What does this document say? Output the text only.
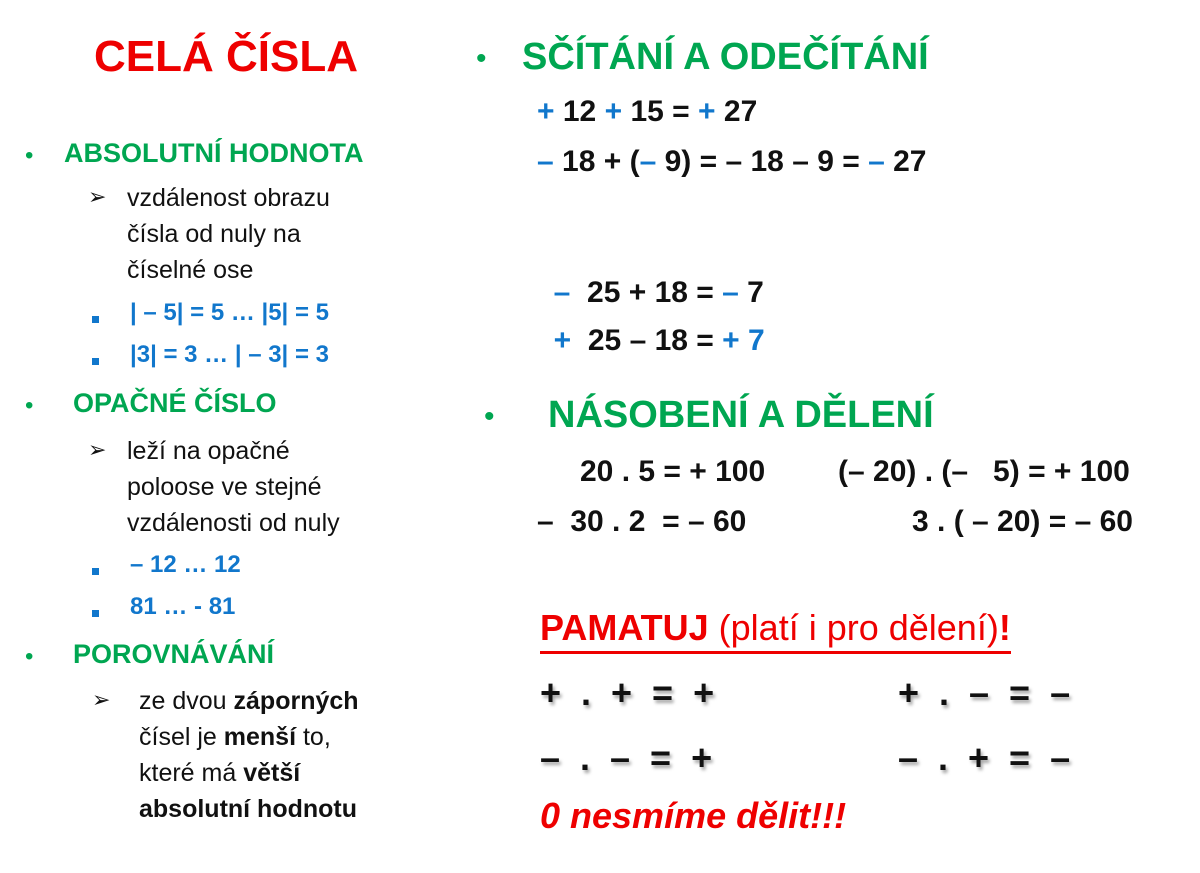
CELÁ ČÍSLA
• ABSOLUTNÍ HODNOTA
➢ vzdálenost obrazu
čísla od nuly na
číselné ose
| – 5| = 5 … |5| = 5
|3| = 3 … | – 3| = 3
• OPAČNÉ ČÍSLO
➢ leží na opačné
poloose ve stejné
vzdálenosti od nuly
– 12 … 12
81 … - 81
• POROVNÁVÁNÍ
➢ ze dvou záporných
čísel je menší to,
které má větší
absolutní hodnotu
• SČÍTÁNÍ A ODEČÍTÁNÍ
+ 12 + 15 = + 27
– 18 + (– 9) = – 18 – 9 = – 27

–  25 + 18 = – 7

+  25 – 18 = + 7

• NÁSOBENÍ A DĚLENÍ
20 . 5 = + 100 (– 20) . (–   5) = + 100
–  30 . 2  = – 60	3 . ( – 20) = – 60
PAMATUJ (platí i pro dělení)!
+  .  +  =  +	+  .  –  =  –
–  .  –  =  +	–  .  +  =  –
0 nesmíme dělit!!!
